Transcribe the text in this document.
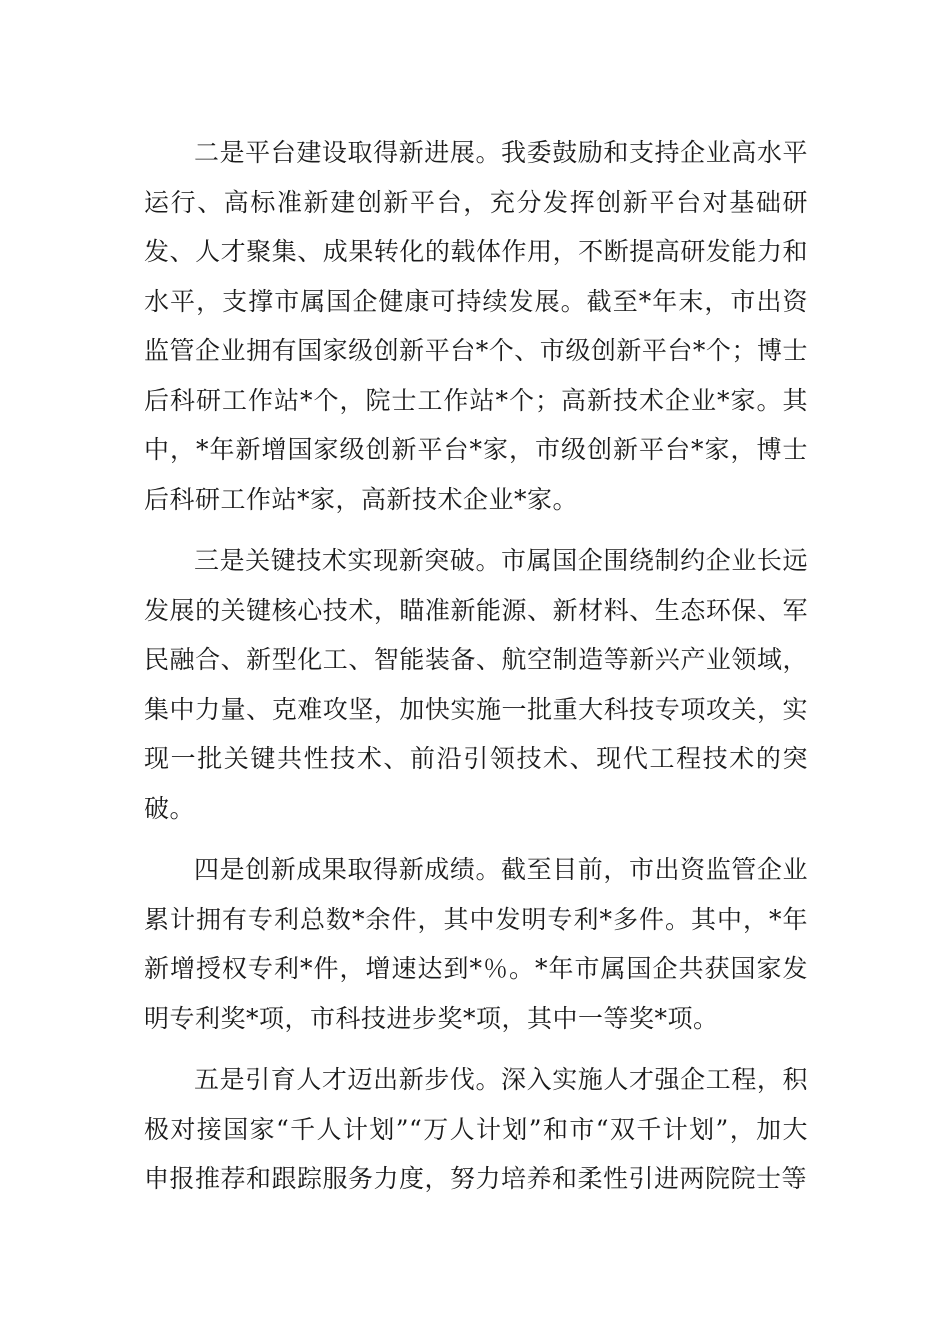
二是平台建设取得新进展。我委鼓励和支持企业高水平运行、高标准新建创新平台，充分发挥创新平台对基础研发、人才聚集、成果转化的载体作用，不断提高研发能力和水平，支撑市属国企健康可持续发展。截至*年末，市出资监管企业拥有国家级创新平台*个、市级创新平台*个；博士后科研工作站*个，院士工作站*个；高新技术企业*家。其中，*年新增国家级创新平台*家，市级创新平台*家，博士后科研工作站*家，高新技术企业*家。

三是关键技术实现新突破。市属国企围绕制约企业长远发展的关键核心技术，瞄准新能源、新材料、生态环保、军民融合、新型化工、智能装备、航空制造等新兴产业领域，集中力量、克难攻坚，加快实施一批重大科技专项攻关，实现一批关键共性技术、前沿引领技术、现代工程技术的突破。

四是创新成果取得新成绩。截至目前，市出资监管企业累计拥有专利总数*余件，其中发明专利*多件。其中，*年新增授权专利*件，增速达到*％。*年市属国企共获国家发明专利奖*项，市科技进步奖*项，其中一等奖*项。

五是引育人才迈出新步伐。深入实施人才强企工程，积极对接国家“千人计划”“万人计划”和市“双千计划”，加大申报推荐和跟踪服务力度，努力培养和柔性引进两院院士等
